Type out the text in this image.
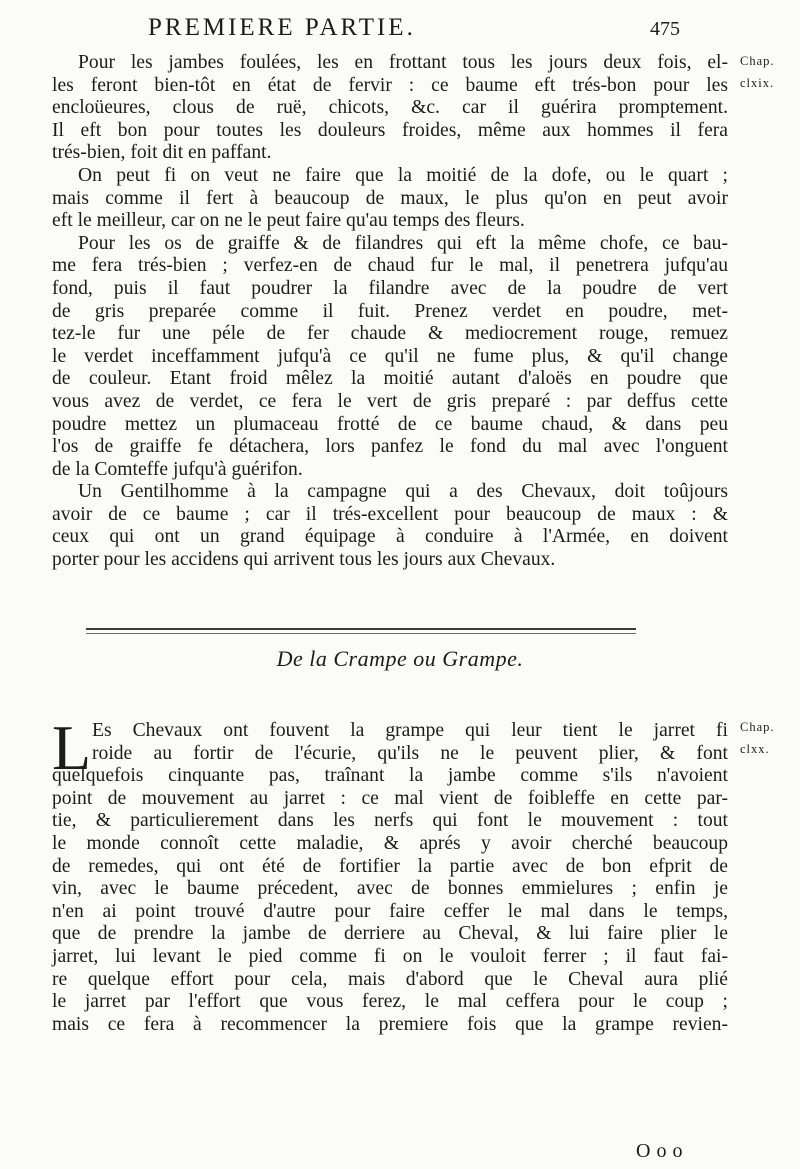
PREMIERE PARTIE.	475
Chap.
clxix.
Pour les jambes foulées, les en frottant tous les jours deux fois, el-
les feront bien-tôt en état de fervir : ce baume eft trés-bon pour les
encloüeures, clous de ruë, chicots, &c. car il guérira promptement.
Il eft bon pour toutes les douleurs froides, même aux hommes il fera
trés-bien, foit dit en paffant.
On peut fi on veut ne faire que la moitié de la dofe, ou le quart ;
mais comme il fert à beaucoup de maux, le plus qu'on en peut avoir
eft le meilleur, car on ne le peut faire qu'au temps des fleurs.
Pour les os de graiffe & de filandres qui eft la même chofe, ce bau-
me fera trés-bien ; verfez-en de chaud fur le mal, il penetrera jufqu'au
fond, puis il faut poudrer la filandre avec de la poudre de vert
de gris preparée comme il fuit. Prenez verdet en poudre, met-
tez-le fur une péle de fer chaude & mediocrement rouge, remuez
le verdet inceffamment jufqu'à ce qu'il ne fume plus, & qu'il change
de couleur. Etant froid mêlez la moitié autant d'aloës en poudre que
vous avez de verdet, ce fera le vert de gris preparé : par deffus cette
poudre mettez un plumaceau frotté de ce baume chaud, & dans peu
l'os de graiffe fe détachera, lors panfez le fond du mal avec l'onguent
de la Comteffe jufqu'à guérifon.
Un Gentilhomme à la campagne qui a des Chevaux, doit toûjours
avoir de ce baume ; car il trés-excellent pour beaucoup de maux : &
ceux qui ont un grand équipage à conduire à l'Armée, en doivent
porter pour les accidens qui arrivent tous les jours aux Chevaux.
De la Crampe ou Grampe.
Chap.
clxx.
L Es Chevaux ont fouvent la grampe qui leur tient le jarret fi
roide au fortir de l'écurie, qu'ils ne le peuvent plier, & font
quelquefois cinquante pas, traînant la jambe comme s'ils n'avoient
point de mouvement au jarret : ce mal vient de foibleffe en cette par-
tie, & particulierement dans les nerfs qui font le mouvement : tout
le monde connoît cette maladie, & aprés y avoir cherché beaucoup
de remedes, qui ont été de fortifier la partie avec de bon efprit de
vin, avec le baume précedent, avec de bonnes emmielures ; enfin je
n'en ai point trouvé d'autre pour faire ceffer le mal dans le temps,
que de prendre la jambe de derriere au Cheval, & lui faire plier le
jarret, lui levant le pied comme fi on le vouloit ferrer ; il faut fai-
re quelque effort pour cela, mais d'abord que le Cheval aura plié
le jarret par l'effort que vous ferez, le mal ceffera pour le coup ;
mais ce fera à recommencer la premiere fois que la grampe revien-
Ooo
